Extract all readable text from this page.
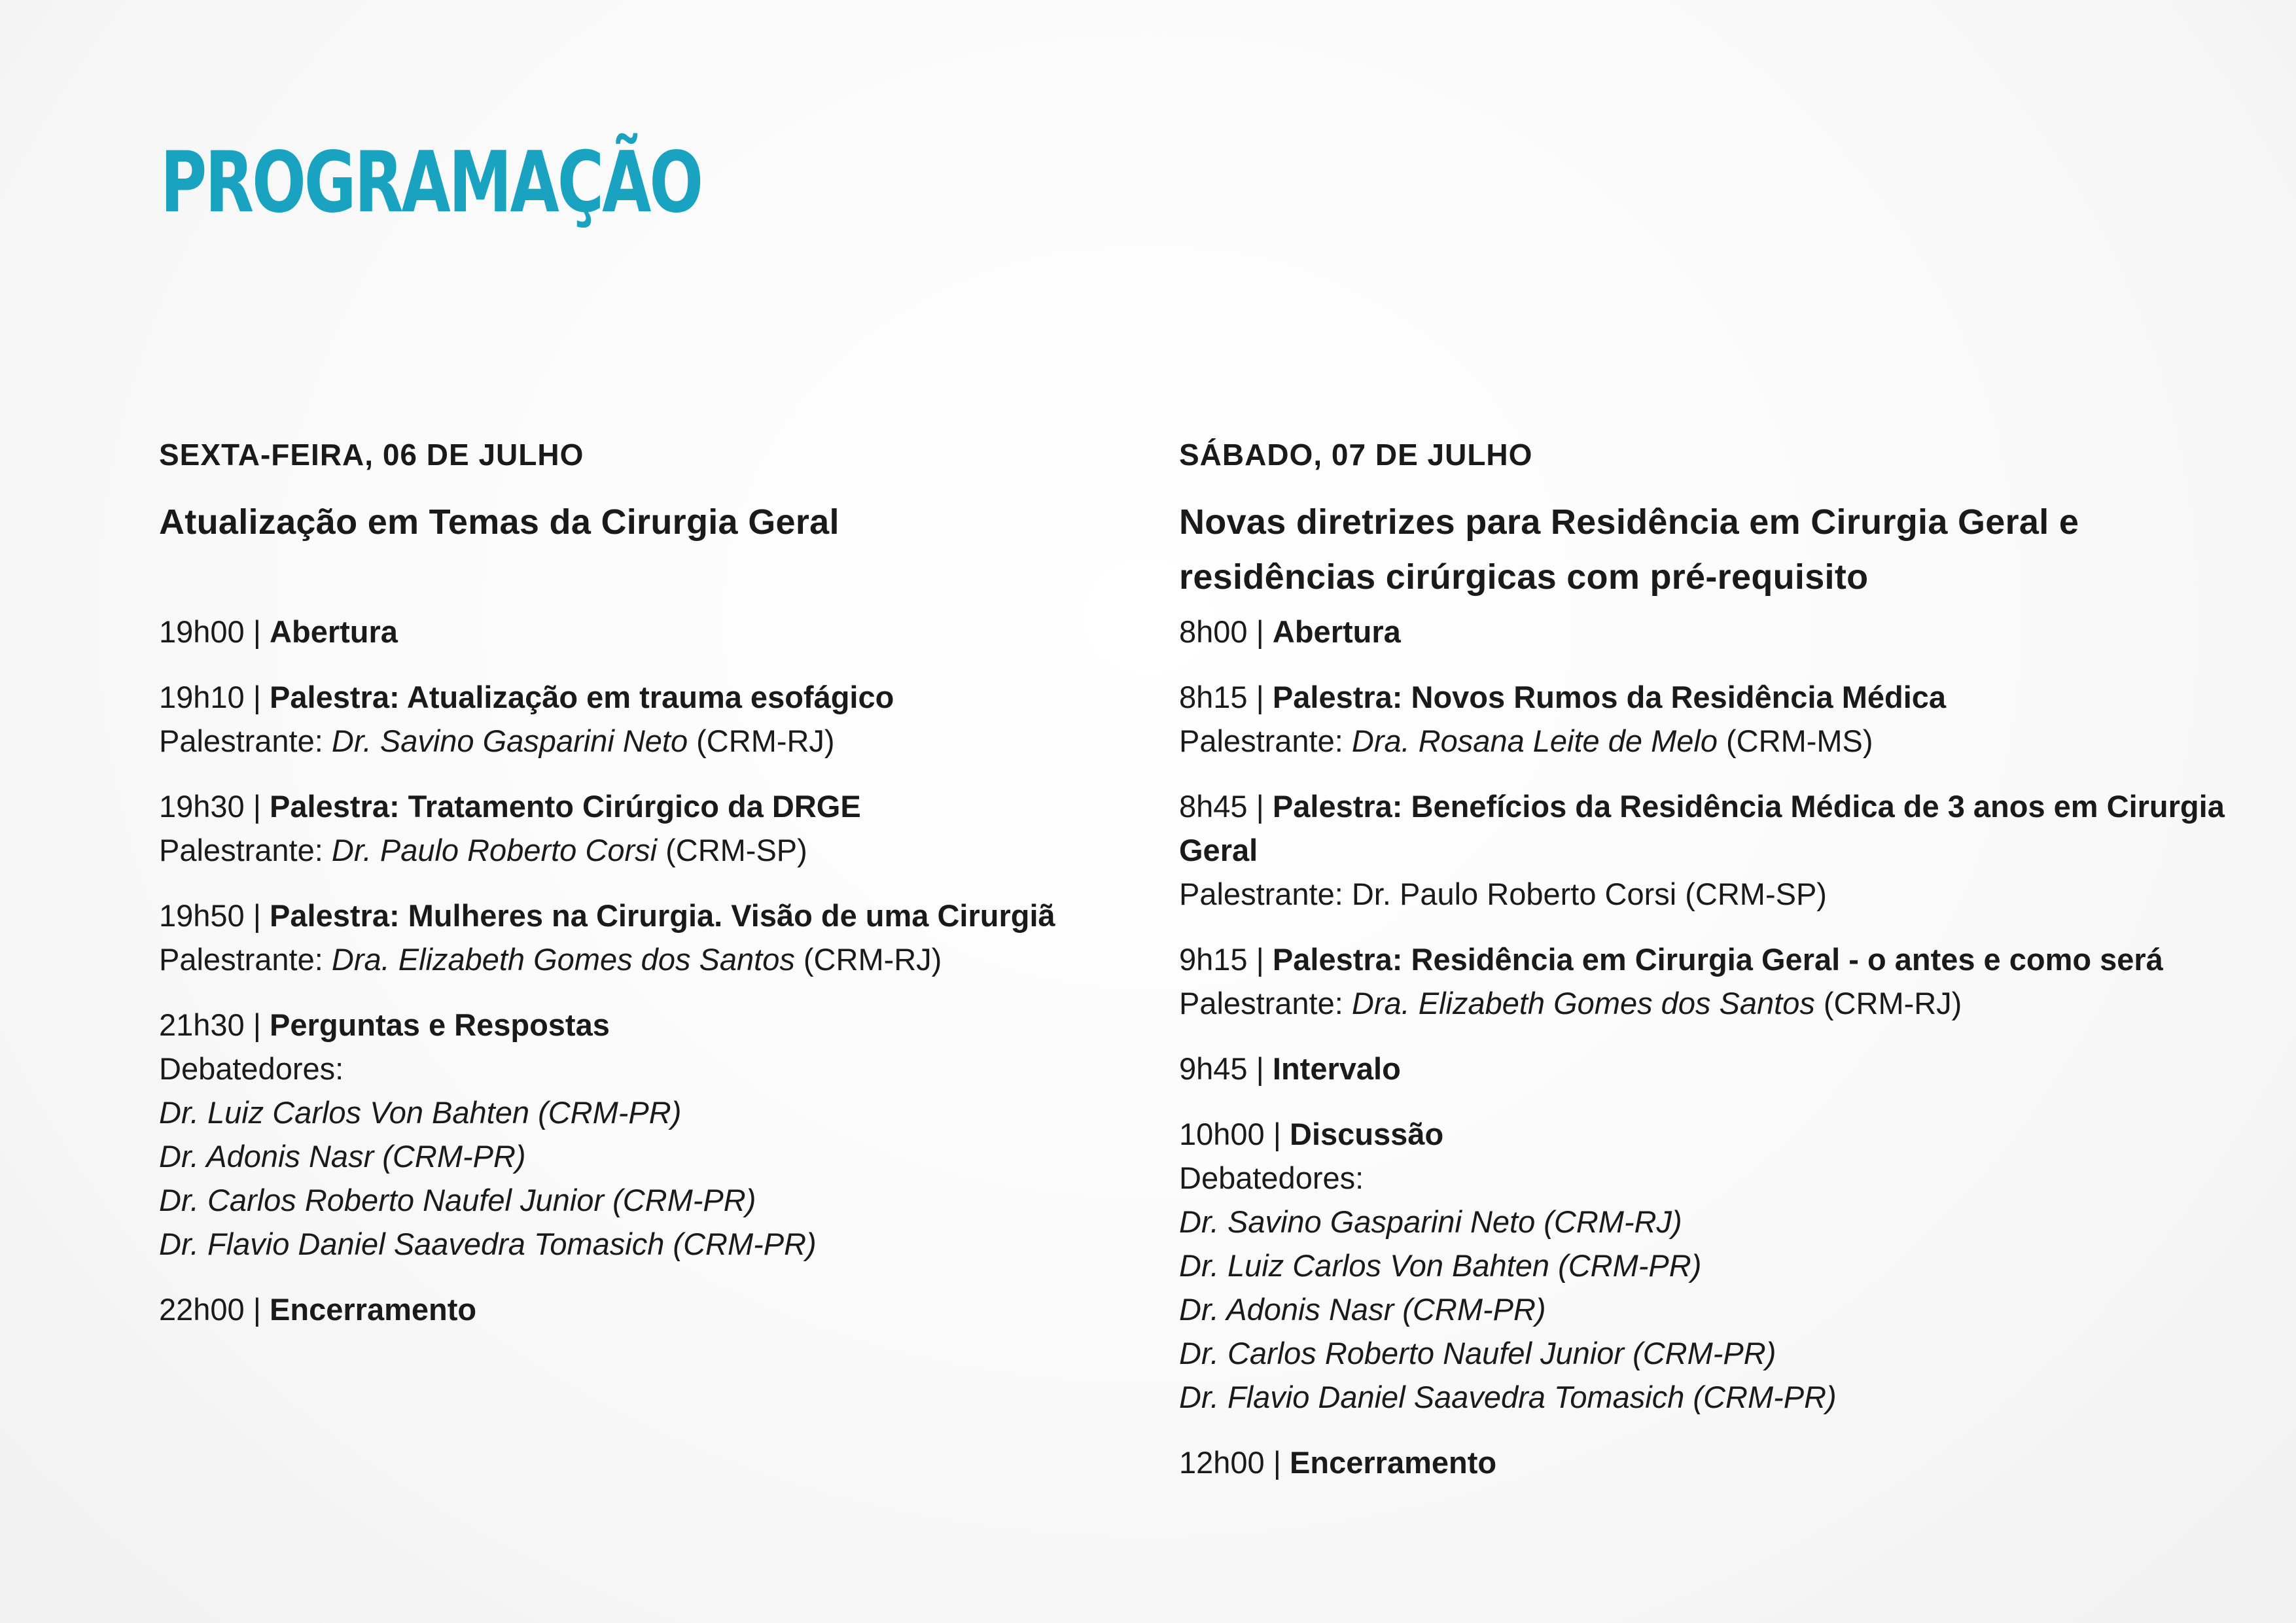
PROGRAMAÇÃO
SEXTA-FEIRA, 06 DE JULHO
Atualização em Temas da Cirurgia Geral
19h00 | Abertura
19h10 | Palestra: Atualização em trauma esofágico
Palestrante: Dr. Savino Gasparini Neto (CRM-RJ)
19h30 | Palestra: Tratamento Cirúrgico da DRGE
Palestrante: Dr. Paulo Roberto Corsi (CRM-SP)
19h50 | Palestra: Mulheres na Cirurgia. Visão de uma Cirurgiã
Palestrante: Dra. Elizabeth Gomes dos Santos (CRM-RJ)
21h30 | Perguntas e Respostas
Debatedores:
Dr. Luiz Carlos Von Bahten (CRM-PR)
Dr. Adonis Nasr (CRM-PR)
Dr. Carlos Roberto Naufel Junior (CRM-PR)
Dr. Flavio Daniel Saavedra Tomasich (CRM-PR)
22h00 | Encerramento
SÁBADO, 07 DE JULHO
Novas diretrizes para Residência em Cirurgia Geral e residências cirúrgicas com pré-requisito
8h00 | Abertura
8h15 | Palestra: Novos Rumos da Residência Médica
Palestrante: Dra. Rosana Leite de Melo (CRM-MS)
8h45 | Palestra: Benefícios da Residência Médica de 3 anos em Cirurgia Geral
Palestrante: Dr. Paulo Roberto Corsi (CRM-SP)
9h15 | Palestra: Residência em Cirurgia Geral - o antes e como será
Palestrante: Dra. Elizabeth Gomes dos Santos (CRM-RJ)
9h45 | Intervalo
10h00 | Discussão
Debatedores:
Dr. Savino Gasparini Neto (CRM-RJ)
Dr. Luiz Carlos Von Bahten (CRM-PR)
Dr. Adonis Nasr (CRM-PR)
Dr. Carlos Roberto Naufel Junior (CRM-PR)
Dr. Flavio Daniel Saavedra Tomasich (CRM-PR)
12h00 | Encerramento
